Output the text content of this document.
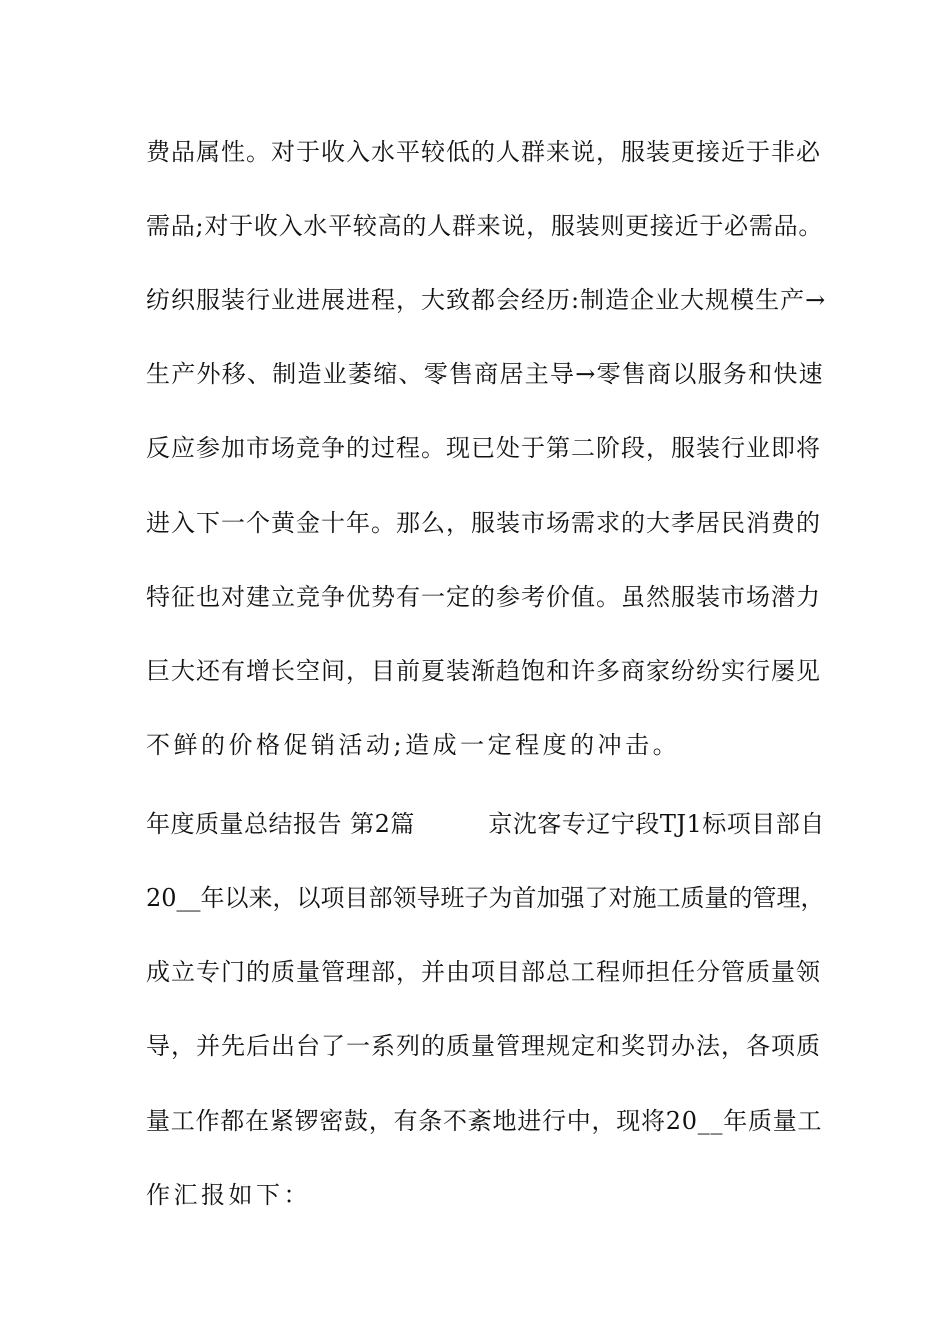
费品属性。对于收入水平较低的人群来说，服装更接近于非必
需品;对于收入水平较高的人群来说，服装则更接近于必需品。
纺织服装行业进展进程，大致都会经历:制造企业大规模生产→
生产外移、制造业萎缩、零售商居主导→零售商以服务和快速
反应参加市场竞争的过程。现已处于第二阶段，服装行业即将
进入下一个黄金十年。那么，服装市场需求的大孝居民消费的
特征也对建立竞争优势有一定的参考价值。虽然服装市场潜力
巨大还有增长空间，目前夏装渐趋饱和许多商家纷纷实行屡见
不鲜的价格促销活动;造成一定程度的冲击。
年度质量总结报告 第2篇　　　京沈客专辽宁段TJ1标项目部自
20__年以来，以项目部领导班子为首加强了对施工质量的管理，
成立专门的质量管理部，并由项目部总工程师担任分管质量领
导，并先后出台了一系列的质量管理规定和奖罚办法，各项质
量工作都在紧锣密鼓，有条不紊地进行中，现将20__年质量工
作汇报如下：
